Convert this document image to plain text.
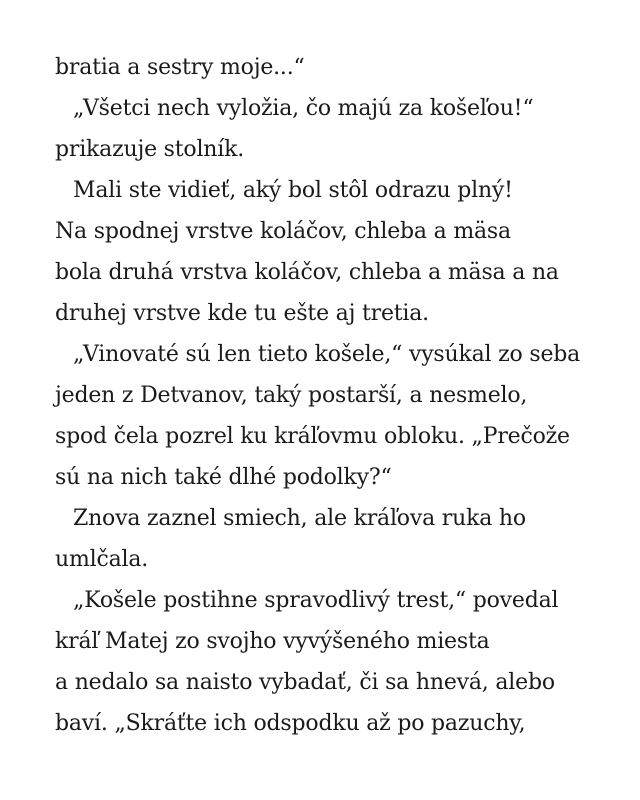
bratia a sestry moje...“
„Všetci nech vyložia, čo majú za košeľou!“
prikazuje stolník.
Mali ste vidieť, aký bol stôl odrazu plný!
Na spodnej vrstve koláčov, chleba a mäsa
bola druhá vrstva koláčov, chleba a mäsa a na
druhej vrstve kde tu ešte aj tretia.
„Vinovaté sú len tieto košele,“ vysúkal zo seba
jeden z Detvanov, taký postarší, a nesmelo,
spod čela pozrel ku kráľovmu obloku. „Prečože
sú na nich také dlhé podolky?“
Znova zaznel smiech, ale kráľova ruka ho
umlčala.
„Košele postihne spravodlivý trest,“ povedal
kráľ Matej zo svojho vyvýšeného miesta
a nedalo sa naisto vybadať, či sa hnevá, alebo
baví. „Skráťte ich odspodku až po pazuchy,
